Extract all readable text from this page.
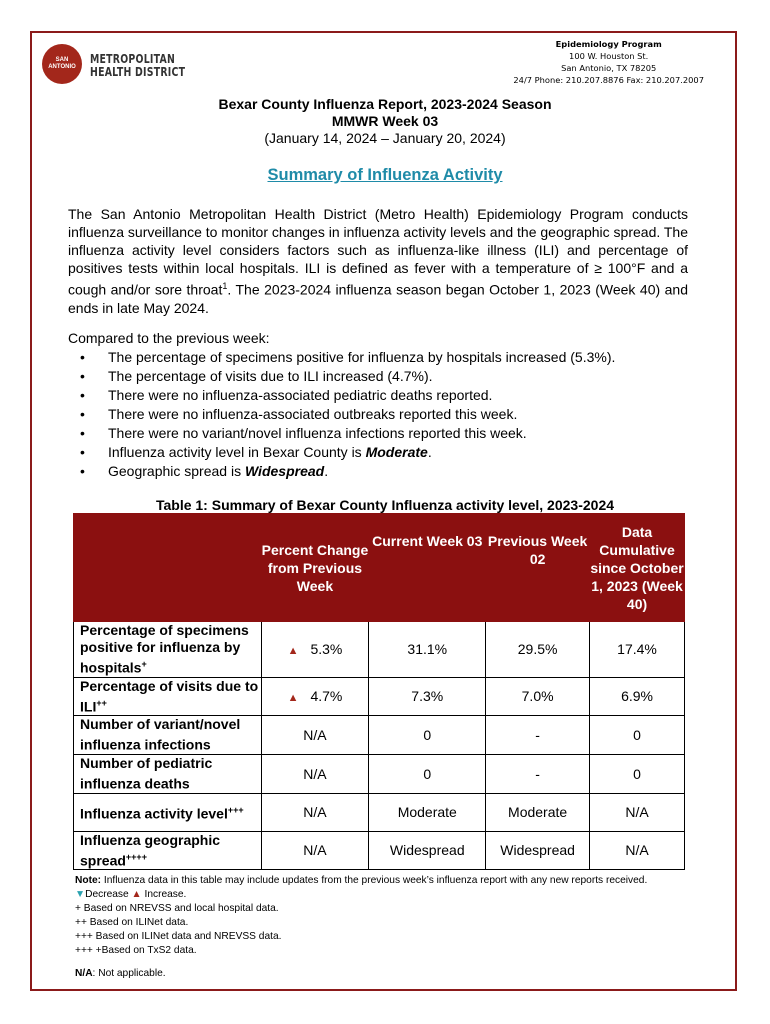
SAN ANTONIO
METROPOLITAN
HEALTH DISTRICT
Epidemiology Program
100 W. Houston St.
San Antonio, TX 78205
24/7 Phone: 210.207.8876 Fax: 210.207.2007
Bexar County Influenza Report, 2023-2024 Season
MMWR Week 03
(January 14, 2024 – January 20, 2024)
Summary of Influenza Activity
The San Antonio Metropolitan Health District (Metro Health) Epidemiology Program conducts influenza surveillance to monitor changes in influenza activity levels and the geographic spread. The influenza activity level considers factors such as influenza-like illness (ILI) and percentage of positives tests within local hospitals. ILI is defined as fever with a temperature of ≥ 100°F and a cough and/or sore throat$^1$. The 2023-2024 influenza season began October 1, 2023 (Week 40) and ends in late May 2024.
Compared to the previous week:
• The percentage of specimens positive for influenza by hospitals increased (5.3%).
• The percentage of visits due to ILI increased (4.7%).
• There were no influenza-associated pediatric deaths reported.
• There were no influenza-associated outbreaks reported this week.
• There were no variant/novel influenza infections reported this week.
• Influenza activity level in Bexar County is Moderate.
• Geographic spread is Widespread.
Table 1: Summary of Bexar County Influenza activity level, 2023-2024
	Percent Change from Previous Week	Current Week 03	Previous Week 02	Data Cumulative since October 1, 2023 (Week 40)
Percentage of specimens positive for influenza by hospitals+	▲ 5.3%	31.1%	29.5%	17.4%
Percentage of visits due to ILI++	▲ 4.7%	7.3%	7.0%	6.9%
Number of variant/novel influenza infections	N/A	0	-	0
Number of pediatric influenza deaths	N/A	0	-	0
Influenza activity level+++	N/A	Moderate	Moderate	N/A
Influenza geographic spread++++	N/A	Widespread	Widespread	N/A
Note: Influenza data in this table may include updates from the previous week’s influenza report with any new reports received.
▼Decrease ▲ Increase.
+ Based on NREVSS and local hospital data.
++ Based on ILINet data.
+++ Based on ILINet data and NREVSS data.
+++ +Based on TxS2 data.
N/A: Not applicable.
